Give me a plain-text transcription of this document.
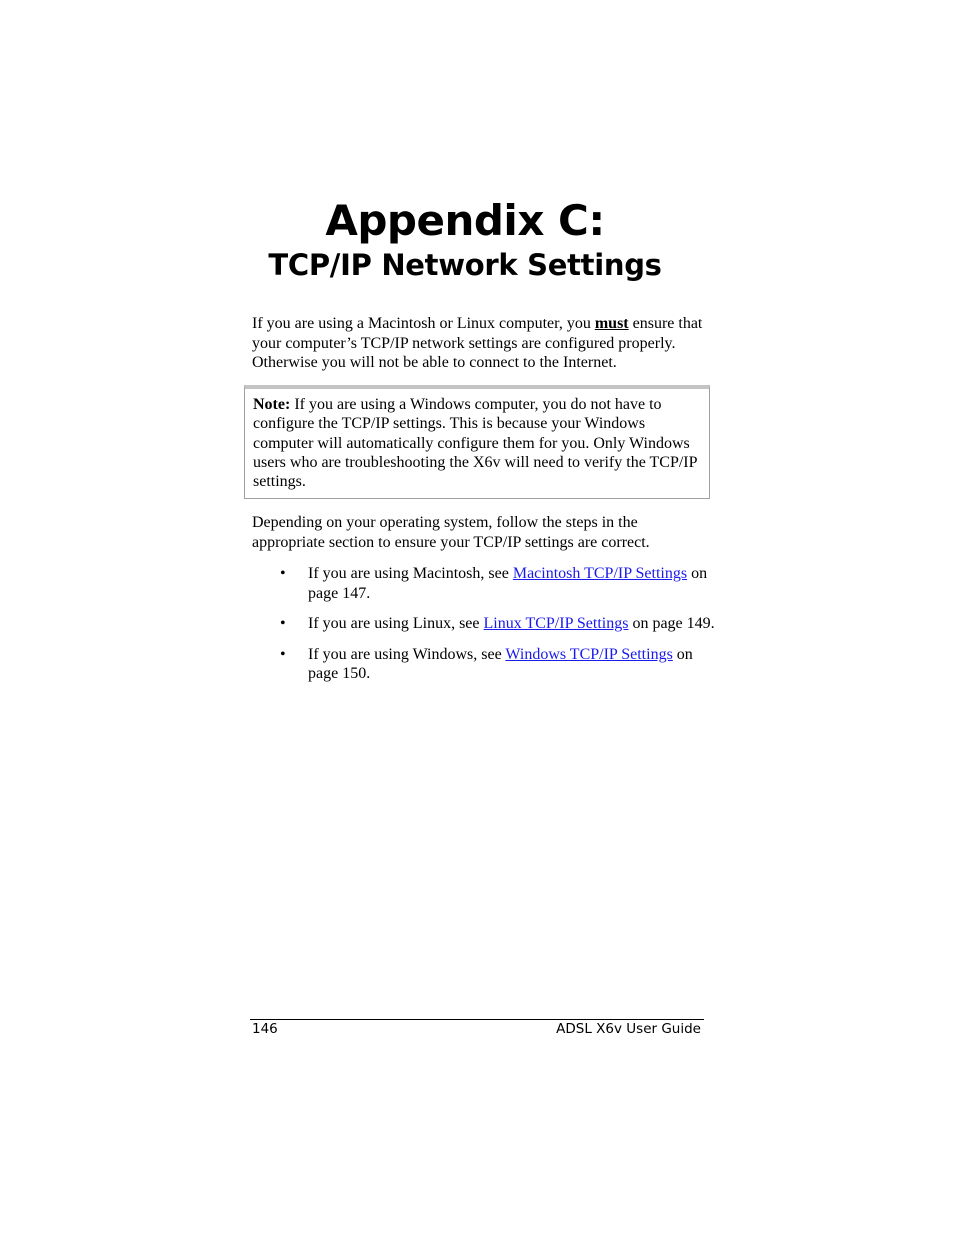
Appendix C:
TCP/IP Network Settings

If you are using a Macintosh or Linux computer, you must ensure that your computer’s TCP/IP network settings are configured properly. Otherwise you will not be able to connect to the Internet.

Note: If you are using a Windows computer, you do not have to configure the TCP/IP settings. This is because your Windows computer will automatically configure them for you. Only Windows users who are troubleshooting the X6v will need to verify the TCP/IP settings.

Depending on your operating system, follow the steps in the appropriate section to ensure your TCP/IP settings are correct.

• If you are using Macintosh, see Macintosh TCP/IP Settings on page 147.
• If you are using Linux, see Linux TCP/IP Settings on page 149.
• If you are using Windows, see Windows TCP/IP Settings on page 150.
146	ADSL X6v User Guide
